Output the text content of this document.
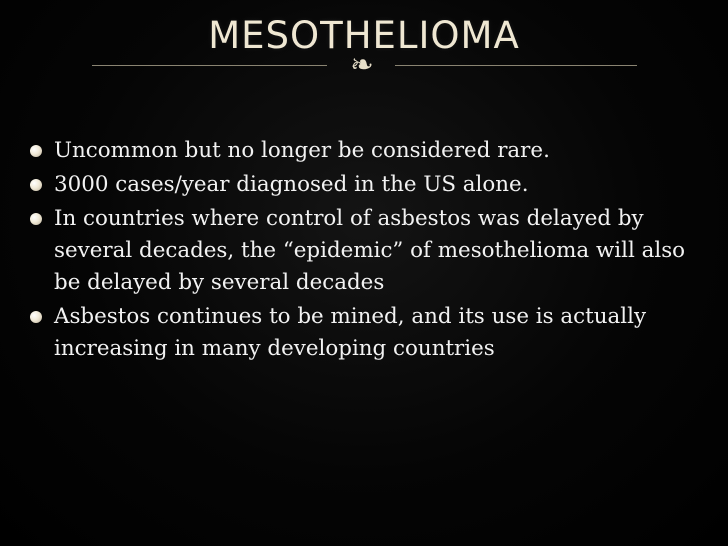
MESOTHELIOMA
❧
Uncommon but no longer be considered rare.
3000 cases/year diagnosed in the US alone.
In countries where control of asbestos was delayed by several decades, the “epidemic” of mesothelioma will also be delayed by several decades
Asbestos continues to be mined, and its use is actually increasing in many developing countries
